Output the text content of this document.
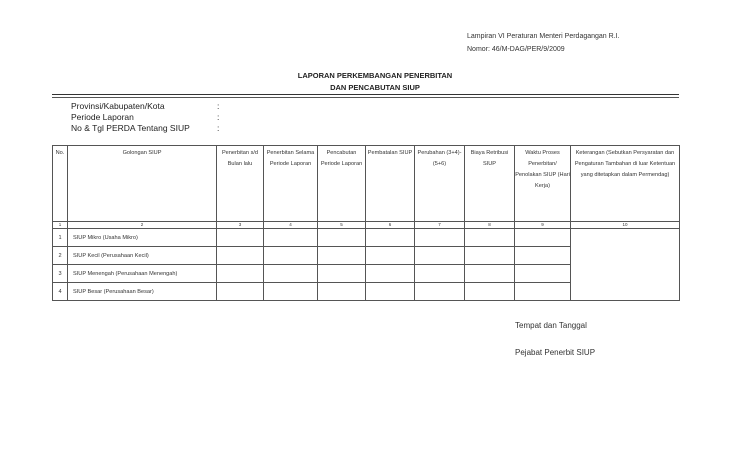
Lampiran VI Peraturan Menteri Perdagangan R.I.
Nomor: 46/M-DAG/PER/9/2009
LAPORAN PERKEMBANGAN PENERBITAN
DAN PENCABUTAN SIUP
Provinsi/Kabupaten/Kota	:
Periode Laporan	:
No & Tgl PERDA Tentang SIUP	:
No.	Golongan SIUP	Penerbitan s/d Bulan lalu	Penerbitan Selama Periode Laporan	Pencabutan Periode Laporan	Pembatalan SIUP	Perubahan (3+4)-(5+6)	Biaya Retribusi SIUP	Waktu Proses Penerbitan/ Penolakan SIUP (Hari Kerja)	Keterangan (Sebutkan Persyaratan dan Pengaturan Tambahan di luar Ketentuan yang ditetapkan dalam Permendag)
1	2	3	4	5	6	7	8	9	10
1	SIUP Mikro (Usaha Mikro)								
2	SIUP Kecil (Perusahaan Kecil)								
3	SIUP Menengah (Perusahaan Menengah)								
4	SIUP Besar (Perusahaan Besar)								
Tempat dan Tanggal
Pejabat Penerbit SIUP
